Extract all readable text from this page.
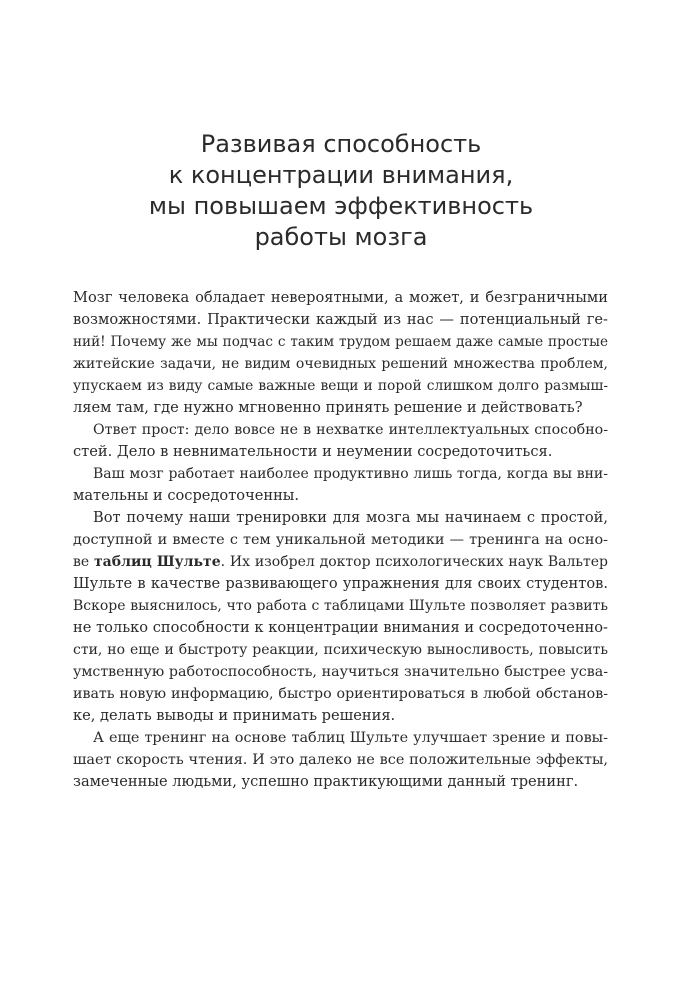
Развивая способность
к концентрации внимания,
мы повышаем эффективность
работы мозга
Мозг человека обладает невероятными, а может, и безграничными
возможностями. Практически каждый из нас — потенциальный ге-
ний! Почему же мы подчас с таким трудом решаем даже самые простые
житейские задачи, не видим очевидных решений множества проблем,
упускаем из виду самые важные вещи и порой слишком долго размыш-
ляем там, где нужно мгновенно принять решение и действовать?
Ответ прост: дело вовсе не в нехватке интеллектуальных способно-
стей. Дело в невнимательности и неумении сосредоточиться.
Ваш мозг работает наиболее продуктивно лишь тогда, когда вы вни-
мательны и сосредоточенны.
Вот почему наши тренировки для мозга мы начинаем с простой,
доступной и вместе с тем уникальной методики — тренинга на осно-
ве таблиц Шульте. Их изобрел доктор психологических наук Вальтер
Шульте в качестве развивающего упражнения для своих студентов.
Вскоре выяснилось, что работа с таблицами Шульте позволяет развить
не только способности к концентрации внимания и сосредоточенно-
сти, но еще и быстроту реакции, психическую выносливость, повысить
умственную работоспособность, научиться значительно быстрее усва-
ивать новую информацию, быстро ориентироваться в любой обстанов-
ке, делать выводы и принимать решения.
А еще тренинг на основе таблиц Шульте улучшает зрение и повы-
шает скорость чтения. И это далеко не все положительные эффекты,
замеченные людьми, успешно практикующими данный тренинг.
